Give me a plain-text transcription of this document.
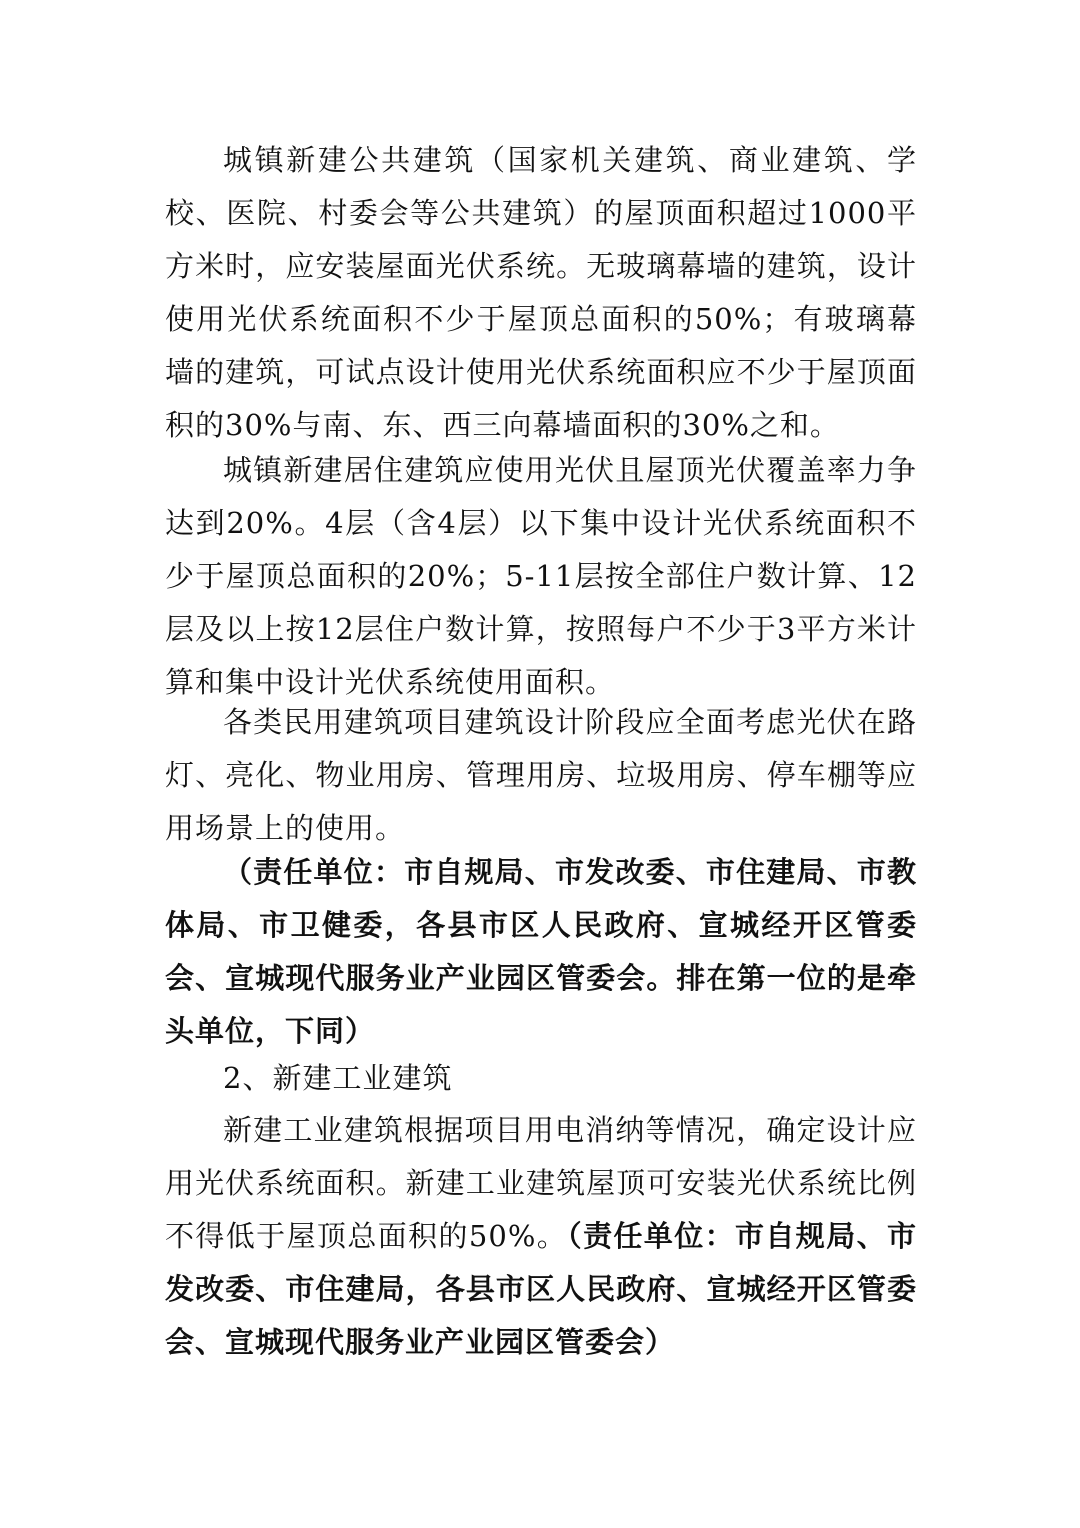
城镇新建公共建筑（国家机关建筑、商业建筑、学校、医院、村委会等公共建筑）的屋顶面积超过1000平方米时，应安装屋面光伏系统。无玻璃幕墙的建筑，设计使用光伏系统面积不少于屋顶总面积的50%；有玻璃幕墙的建筑，可试点设计使用光伏系统面积应不少于屋顶面积的30%与南、东、西三向幕墙面积的30%之和。

城镇新建居住建筑应使用光伏且屋顶光伏覆盖率力争达到20%。4层（含4层）以下集中设计光伏系统面积不少于屋顶总面积的20%；5-11层按全部住户数计算、12层及以上按12层住户数计算，按照每户不少于3平方米计算和集中设计光伏系统使用面积。

各类民用建筑项目建筑设计阶段应全面考虑光伏在路灯、亮化、物业用房、管理用房、垃圾用房、停车棚等应用场景上的使用。

（责任单位：市自规局、市发改委、市住建局、市教体局、市卫健委，各县市区人民政府、宣城经开区管委会、宣城现代服务业产业园区管委会。排在第一位的是牵头单位，下同）

2、新建工业建筑

新建工业建筑根据项目用电消纳等情况，确定设计应用光伏系统面积。新建工业建筑屋顶可安装光伏系统比例不得低于屋顶总面积的50%。（责任单位：市自规局、市发改委、市住建局，各县市区人民政府、宣城经开区管委会、宣城现代服务业产业园区管委会）
